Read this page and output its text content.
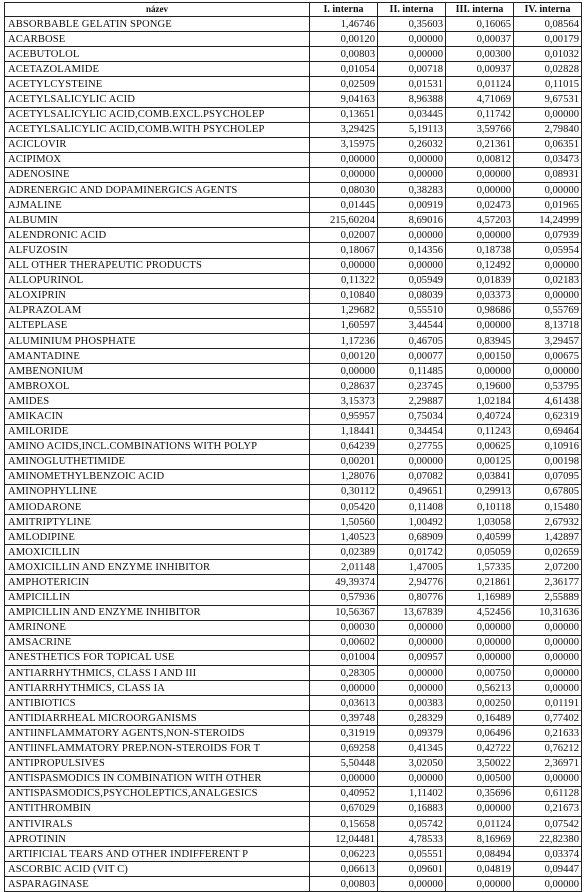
název	I. interna	II. interna	III. interna	IV. interna
ABSORBABLE GELATIN SPONGE	1,46746	0,35603	0,16065	0,08564
ACARBOSE	0,00120	0,00000	0,00037	0,00179
ACEBUTOLOL	0,00803	0,00000	0,00300	0,01032
ACETAZOLAMIDE	0,01054	0,00718	0,00937	0,02828
ACETYLCYSTEINE	0,02509	0,01531	0,01124	0,11015
ACETYLSALICYLIC ACID	9,04163	8,96388	4,71069	9,67531
ACETYLSALICYLIC ACID,COMB.EXCL.PSYCHOLEP	0,13651	0,03445	0,11742	0,00000
ACETYLSALICYLIC ACID,COMB.WITH PSYCHOLEP	3,29425	5,19113	3,59766	2,79840
ACICLOVIR	3,15975	0,26032	0,21361	0,06351
ACIPIMOX	0,00000	0,00000	0,00812	0,03473
ADENOSINE	0,00000	0,00000	0,00000	0,08931
ADRENERGIC AND DOPAMINERGICS AGENTS	0,08030	0,38283	0,00000	0,00000
AJMALINE	0,01445	0,00919	0,02473	0,01965
ALBUMIN	215,60204	8,69016	4,57203	14,24999
ALENDRONIC ACID	0,02007	0,00000	0,00000	0,07939
ALFUZOSIN	0,18067	0,14356	0,18738	0,05954
ALL OTHER THERAPEUTIC PRODUCTS	0,00000	0,00000	0,12492	0,00000
ALLOPURINOL	0,11322	0,05949	0,01839	0,02183
ALOXIPRIN	0,10840	0,08039	0,03373	0,00000
ALPRAZOLAM	1,29682	0,55510	0,98686	0,55769
ALTEPLASE	1,60597	3,44544	0,00000	8,13718
ALUMINIUM PHOSPHATE	1,17236	0,46705	0,83945	3,29457
AMANTADINE	0,00120	0,00077	0,00150	0,00675
AMBENONIUM	0,00000	0,11485	0,00000	0,00000
AMBROXOL	0,28637	0,23745	0,19600	0,53795
AMIDES	3,15373	2,29887	1,02184	4,61438
AMIKACIN	0,95957	0,75034	0,40724	0,62319
AMILORIDE	1,18441	0,34454	0,11243	0,69464
AMINO ACIDS,INCL.COMBINATIONS WITH POLYP	0,64239	0,27755	0,00625	0,10916
AMINOGLUTHETIMIDE	0,00201	0,00000	0,00125	0,00198
AMINOMETHYLBENZOIC ACID	1,28076	0,07082	0,03841	0,07095
AMINOPHYLLINE	0,30112	0,49651	0,29913	0,67805
AMIODARONE	0,05420	0,11408	0,10118	0,15480
AMITRIPTYLINE	1,50560	1,00492	1,03058	2,67932
AMLODIPINE	1,40523	0,68909	0,40599	1,42897
AMOXICILLIN	0,02389	0,01742	0,05059	0,02659
AMOXICILLIN AND ENZYME INHIBITOR	2,01148	1,47005	1,57335	2,07200
AMPHOTERICIN	49,39374	2,94776	0,21861	2,36177
AMPICILLIN	0,57936	0,80776	1,16989	2,55889
AMPICILLIN AND ENZYME INHIBITOR	10,56367	13,67839	4,52456	10,31636
AMRINONE	0,00030	0,00000	0,00000	0,00000
AMSACRINE	0,00602	0,00000	0,00000	0,00000
ANESTHETICS FOR TOPICAL USE	0,01004	0,00957	0,00000	0,00000
ANTIARRHYTHMICS, CLASS I AND III	0,28305	0,00000	0,00750	0,00000
ANTIARRHYTHMICS, CLASS IA	0,00000	0,00000	0,56213	0,00000
ANTIBIOTICS	0,03613	0,00383	0,00250	0,01191
ANTIDIARRHEAL MICROORGANISMS	0,39748	0,28329	0,16489	0,77402
ANTIINFLAMMATORY AGENTS,NON-STEROIDS	0,31919	0,09379	0,06496	0,21633
ANTIINFLAMMATORY PREP.NON-STEROIDS FOR T	0,69258	0,41345	0,42722	0,76212
ANTIPROPULSIVES	5,50448	3,02050	3,50022	2,36971
ANTISPASMODICS IN COMBINATION WITH OTHER	0,00000	0,00000	0,00500	0,00000
ANTISPASMODICS,PSYCHOLEPTICS,ANALGESICS	0,40952	1,11402	0,35696	0,61128
ANTITHROMBIN	0,67029	0,16883	0,00000	0,21673
ANTIVIRALS	0,15658	0,05742	0,01124	0,07542
APROTININ	12,04481	4,78533	8,16969	22,82380
ARTIFICIAL TEARS AND OTHER INDIFFERENT P	0,06223	0,05551	0,08494	0,03374
ASCORBIC ACID (VIT C)	0,06613	0,09601	0,04819	0,09447
ASPARAGINASE	0,00803	0,00000	0,00000	0,00000
